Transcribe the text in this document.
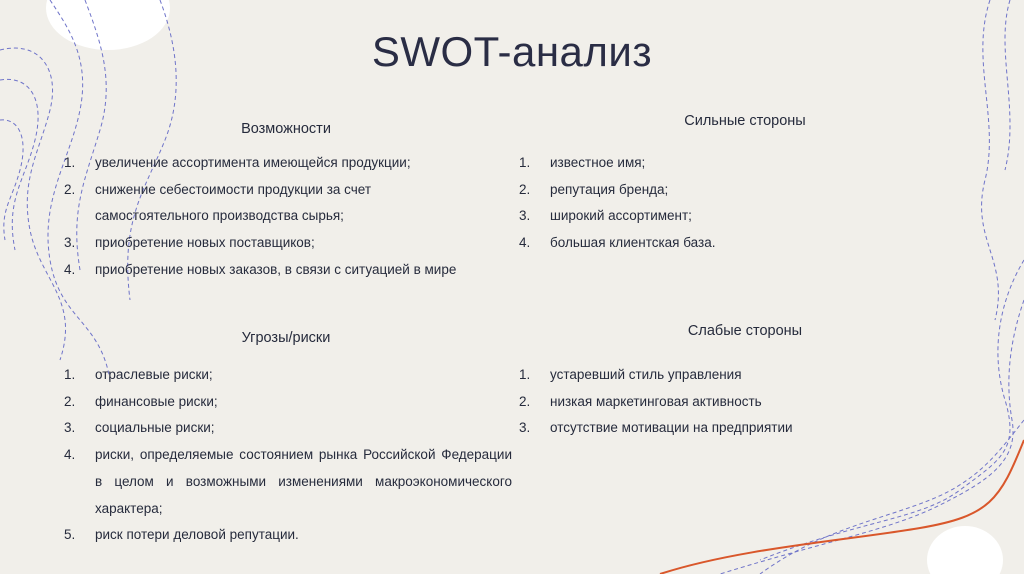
SWOT-анализ
Возможности
1. увеличение ассортимента имеющейся продукции;
2. снижение себестоимости продукции за счет самостоятельного производства сырья;
3. приобретение новых поставщиков;
4. приобретение новых заказов, в связи с ситуацией в мире
Сильные стороны
1. известное имя;
2. репутация бренда;
3. широкий ассортимент;
4. большая клиентская база.
Угрозы/риски
1. отраслевые риски;
2. финансовые риски;
3. социальные риски;
4. риски, определяемые состоянием рынка Российской Федерации в целом и возможными изменениями макроэкономического характера;
5. риск потери деловой репутации.
Слабые стороны
1. устаревший стиль управления
2. низкая маркетинговая активность
3. отсутствие мотивации на предприятии
